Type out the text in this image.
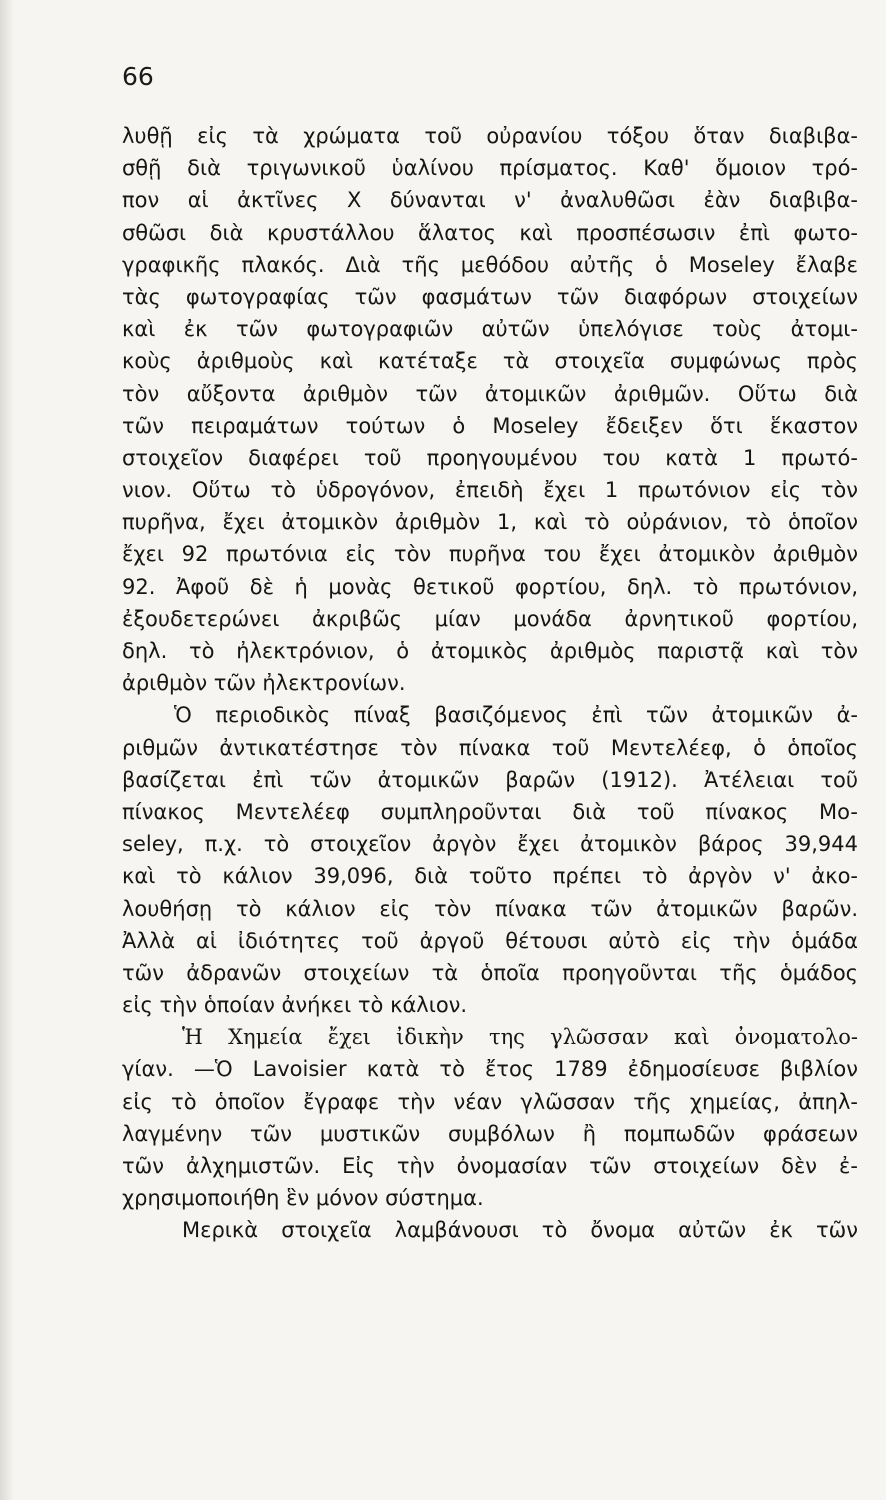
66
λυθῇ εἰς τὰ χρώματα τοῦ οὐρανίου τόξου ὅταν διαβιβα-
σθῇ διὰ τριγωνικοῦ ὑαλίνου πρίσματος. Καθ' ὅμοιον τρό-
πον αἱ ἀκτῖνες Χ δύνανται ν' ἀναλυθῶσι ἐὰν διαβιβα-
σθῶσι διὰ κρυστάλλου ἅλατος καὶ προσπέσωσιν ἐπὶ φωτο-
γραφικῆς πλακός. Διὰ τῆς μεθόδου αὐτῆς ὁ Moseley ἔλαβε
τὰς φωτογραφίας τῶν φασμάτων τῶν διαφόρων στοιχείων
καὶ ἐκ τῶν φωτογραφιῶν αὐτῶν ὑπελόγισε τοὺς ἀτομι-
κοὺς ἀριθμοὺς καὶ κατέταξε τὰ στοιχεῖα συμφώνως πρὸς
τὸν αὔξοντα ἀριθμὸν τῶν ἀτομικῶν ἀριθμῶν. Οὕτω διὰ
τῶν πειραμάτων τούτων ὁ Moseley ἔδειξεν ὅτι ἕκαστον
στοιχεῖον διαφέρει τοῦ προηγουμένου του κατὰ 1 πρωτό-
νιον. Οὕτω τὸ ὑδρογόνον, ἐπειδὴ ἔχει 1 πρωτόνιον εἰς τὸν
πυρῆνα, ἔχει ἀτομικὸν ἀριθμὸν 1, καὶ τὸ οὐράνιον, τὸ ὁποῖον
ἔχει 92 πρωτόνια εἰς τὸν πυρῆνα του ἔχει ἀτομικὸν ἀριθμὸν
92. Ἀφοῦ δὲ ἡ μονὰς θετικοῦ φορτίου, δηλ. τὸ πρωτόνιον,
ἐξουδετερώνει ἀκριβῶς μίαν μονάδα ἀρνητικοῦ φορτίου,
δηλ. τὸ ἠλεκτρόνιον, ὁ ἀτομικὸς ἀριθμὸς παριστᾷ καὶ τὸν
ἀριθμὸν τῶν ἠλεκτρονίων.
Ὁ περιοδικὸς πίναξ βασιζόμενος ἐπὶ τῶν ἀτομικῶν ἀ-
ριθμῶν ἀντικατέστησε τὸν πίνακα τοῦ Μεντελέεφ, ὁ ὁποῖος
βασίζεται ἐπὶ τῶν ἀτομικῶν βαρῶν (1912). Ἀτέλειαι τοῦ
πίνακος Μεντελέεφ συμπληροῦνται διὰ τοῦ πίνακος Mo-
seley, π.χ. τὸ στοιχεῖον ἀργὸν ἔχει ἀτομικὸν βάρος 39,944
καὶ τὸ κάλιον 39,096, διὰ τοῦτο πρέπει τὸ ἀργὸν ν' ἀκο-
λουθήσῃ τὸ κάλιον εἰς τὸν πίνακα τῶν ἀτομικῶν βαρῶν.
Ἀλλὰ αἱ ἰδιότητες τοῦ ἀργοῦ θέτουσι αὐτὸ εἰς τὴν ὁμάδα
τῶν ἀδρανῶν στοιχείων τὰ ὁποῖα προηγοῦνται τῆς ὁμάδος
εἰς τὴν ὁποίαν ἀνήκει τὸ κάλιον.
Ἡ Χημεία ἔχει ἰδικὴν της γλῶσσαν καὶ ὀνοματολο-
γίαν. —Ὁ Lavoisier κατὰ τὸ ἔτος 1789 ἐδημοσίευσε βιβλίον
εἰς τὸ ὁποῖον ἔγραφε τὴν νέαν γλῶσσαν τῆς χημείας, ἀπηλ-
λαγμένην τῶν μυστικῶν συμβόλων ἢ πομπωδῶν φράσεων
τῶν ἀλχημιστῶν. Εἰς τὴν ὀνομασίαν τῶν στοιχείων δὲν ἐ-
χρησιμοποιήθη ἓν μόνον σύστημα.
Μερικὰ στοιχεῖα λαμβάνουσι τὸ ὄνομα αὐτῶν ἐκ τῶν
